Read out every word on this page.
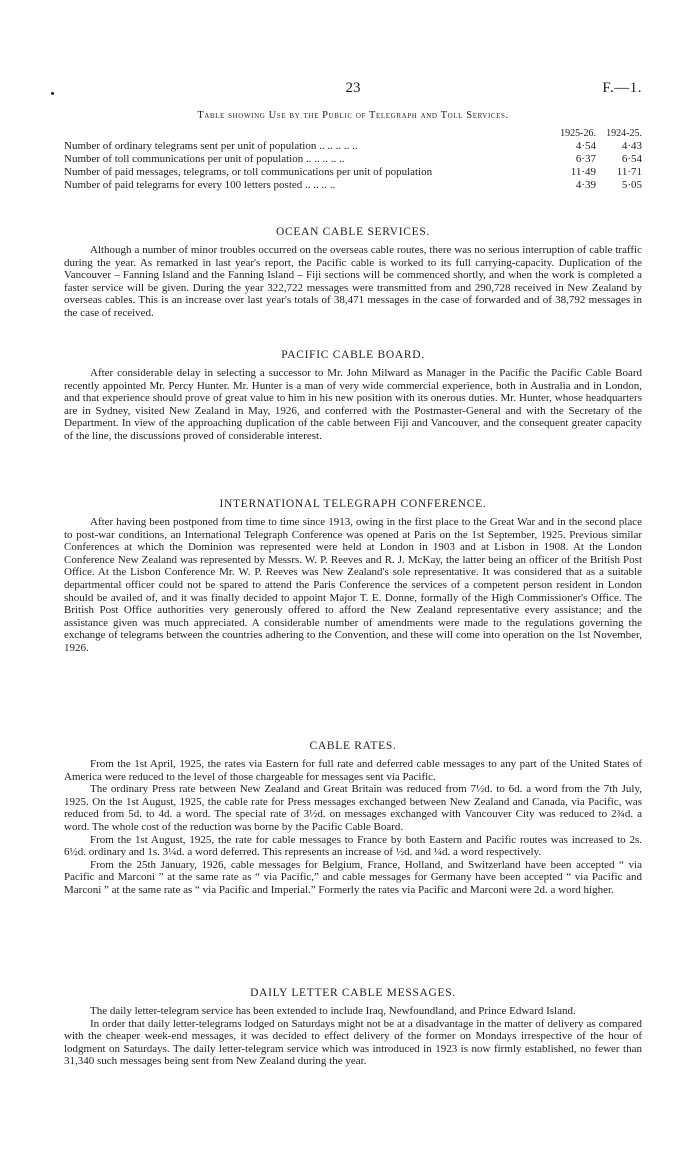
23	F.—1.
Table showing Use by the Public of Telegraph and Toll Services.
1925-26.	1924-25.
Number of ordinary telegrams sent per unit of population .. .. .. .. ..	4·54	4·43
Number of toll communications per unit of population .. .. .. .. ..	6·37	6·54
Number of paid messages, telegrams, or toll communications per unit of population	11·49	11·71
Number of paid telegrams for every 100 letters posted .. .. .. ..	4·39	5·05
OCEAN CABLE SERVICES.

Although a number of minor troubles occurred on the overseas cable routes, there was no serious interruption of cable traffic during the year. As remarked in last year's report, the Pacific cable is worked to its full carrying-capacity. Duplication of the Vancouver – Fanning Island and the Fanning Island – Fiji sections will be commenced shortly, and when the work is completed a faster service will be given. During the year 322,722 messages were transmitted from and 290,728 received in New Zealand by overseas cables. This is an increase over last year's totals of 38,471 messages in the case of forwarded and of 38,792 messages in the case of received.

PACIFIC CABLE BOARD.

After considerable delay in selecting a successor to Mr. John Milward as Manager in the Pacific the Pacific Cable Board recently appointed Mr. Percy Hunter. Mr. Hunter is a man of very wide commercial experience, both in Australia and in London, and that experience should prove of great value to him in his new position with its onerous duties. Mr. Hunter, whose headquarters are in Sydney, visited New Zealand in May, 1926, and conferred with the Postmaster-General and with the Secretary of the Department. In view of the approaching duplication of the cable between Fiji and Vancouver, and the consequent greater capacity of the line, the discussions proved of considerable interest.

INTERNATIONAL TELEGRAPH CONFERENCE.

After having been postponed from time to time since 1913, owing in the first place to the Great War and in the second place to post-war conditions, an International Telegraph Conference was opened at Paris on the 1st September, 1925. Previous similar Conferences at which the Dominion was represented were held at London in 1903 and at Lisbon in 1908. At the London Conference New Zealand was represented by Messrs. W. P. Reeves and R. J. McKay, the latter being an officer of the British Post Office. At the Lisbon Conference Mr. W. P. Reeves was New Zealand's sole representative. It was considered that as a suitable departmental officer could not be spared to attend the Paris Conference the services of a competent person resident in London should be availed of, and it was finally decided to appoint Major T. E. Donne, formally of the High Commissioner's Office. The British Post Office authorities very generously offered to afford the New Zealand representative every assistance; and the assistance given was much appreciated. A considerable number of amendments were made to the regulations governing the exchange of telegrams between the countries adhering to the Convention, and these will come into operation on the 1st November, 1926.

CABLE RATES.

From the 1st April, 1925, the rates via Eastern for full rate and deferred cable messages to any part of the United States of America were reduced to the level of those chargeable for messages sent via Pacific.

The ordinary Press rate between New Zealand and Great Britain was reduced from 7½d. to 6d. a word from the 7th July, 1925. On the 1st August, 1925, the cable rate for Press messages exchanged between New Zealand and Canada, via Pacific, was reduced from 5d. to 4d. a word. The special rate of 3½d. on messages exchanged with Vancouver City was reduced to 2¾d. a word. The whole cost of the reduction was borne by the Pacific Cable Board.

From the 1st August, 1925, the rate for cable messages to France by both Eastern and Pacific routes was increased to 2s. 6½d. ordinary and 1s. 3¼d. a word deferred. This represents an increase of ½d. and ¼d. a word respectively.

From the 25th January, 1926, cable messages for Belgium, France, Holland, and Switzerland have been accepted “ via Pacific and Marconi ” at the same rate as “ via Pacific,” and cable messages for Germany have been accepted “ via Pacific and Marconi ” at the same rate as “ via Pacific and Imperial.” Formerly the rates via Pacific and Marconi were 2d. a word higher.

DAILY LETTER CABLE MESSAGES.

The daily letter-telegram service has been extended to include Iraq, Newfoundland, and Prince Edward Island.

In order that daily letter-telegrams lodged on Saturdays might not be at a disadvantage in the matter of delivery as compared with the cheaper week-end messages, it was decided to effect delivery of the former on Mondays irrespective of the hour of lodgment on Saturdays. The daily letter-telegram service which was introduced in 1923 is now firmly established, no fewer than 31,340 such messages being sent from New Zealand during the year.
